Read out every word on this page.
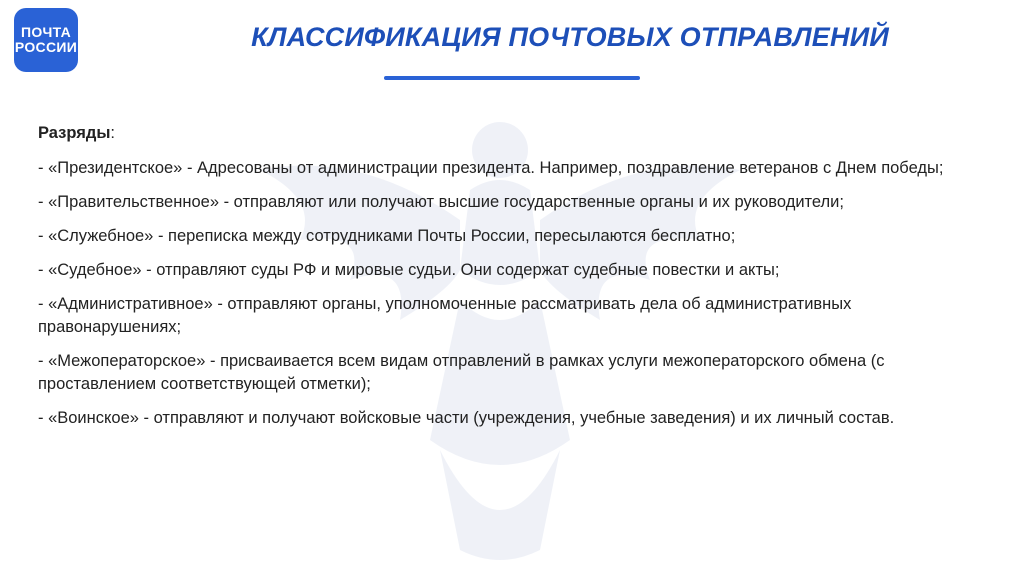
ПОЧТА
РОССИИ	КЛАССИФИКАЦИЯ ПОЧТОВЫХ ОТПРАВЛЕНИЙ

Разряды:

- «Президентское» - Адресованы от администрации президента. Например, поздравление ветеранов с Днем победы;

- «Правительственное» - отправляют или получают высшие государственные органы и их руководители;

- «Служебное» - переписка между сотрудниками Почты России, пересылаются бесплатно;

- «Судебное» - отправляют суды РФ и мировые судьи. Они содержат судебные повестки и акты;

- «Административное» - отправляют органы, уполномоченные рассматривать дела об административных правонарушениях;

- «Межоператорское» - присваивается всем видам отправлений в рамках услуги межоператорского обмена (с проставлением соответствующей отметки);

- «Воинское» - отправляют и получают войсковые части (учреждения, учебные заведения) и их личный состав.
